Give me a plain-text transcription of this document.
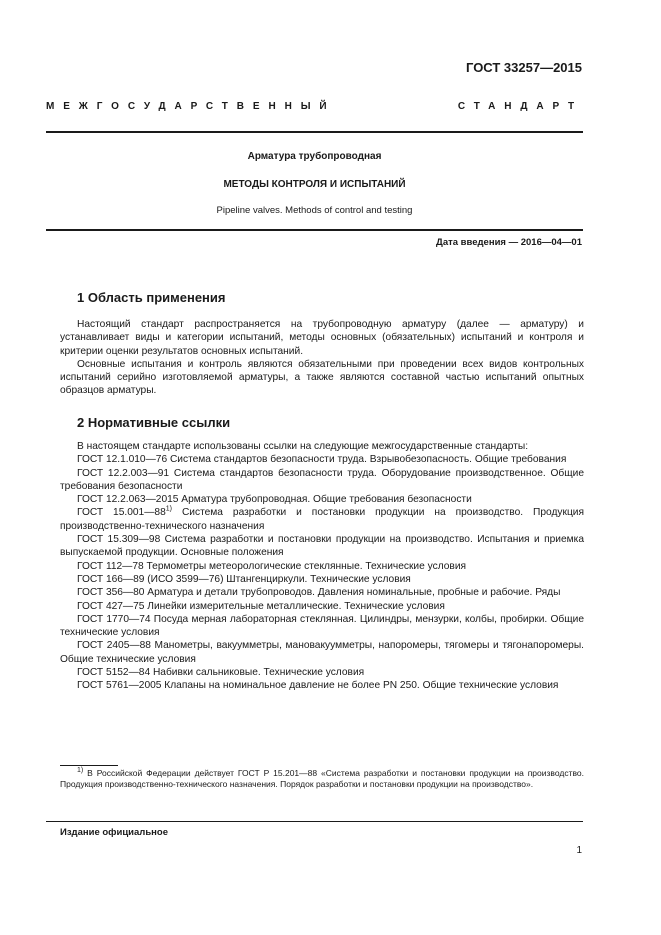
ГОСТ 33257—2015
МЕЖГОСУДАРСТВЕННЫЙ	СТАНДАРТ
Арматура трубопроводная
МЕТОДЫ КОНТРОЛЯ И ИСПЫТАНИЙ
Pipeline valves. Methods of control and testing
Дата введения — 2016—04—01
1 Область применения

Настоящий стандарт распространяется на трубопроводную арматуру (далее — арматуру) и устанавливает виды и категории испытаний, методы основных (обязательных) испытаний и контроля и критерии оценки результатов основных испытаний.

Основные испытания и контроль являются обязательными при проведении всех видов контрольных испытаний серийно изготовляемой арматуры, а также являются составной частью испытаний опытных образцов арматуры.

2 Нормативные ссылки

В настоящем стандарте использованы ссылки на следующие межгосударственные стандарты:

ГОСТ 12.1.010—76 Система стандартов безопасности труда. Взрывобезопасность. Общие требования

ГОСТ 12.2.003—91 Система стандартов безопасности труда. Оборудование производственное. Общие требования безопасности

ГОСТ 12.2.063—2015 Арматура трубопроводная. Общие требования безопасности

ГОСТ 15.001—88$^{1)}$ Система разработки и постановки продукции на производство. Продукция производственно-технического назначения

ГОСТ 15.309—98 Система разработки и постановки продукции на производство. Испытания и приемка выпускаемой продукции. Основные положения

ГОСТ 112—78 Термометры метеорологические стеклянные. Технические условия

ГОСТ 166—89 (ИСО 3599—76) Штангенциркули. Технические условия

ГОСТ 356—80 Арматура и детали трубопроводов. Давления номинальные, пробные и рабочие. Ряды

ГОСТ 427—75 Линейки измерительные металлические. Технические условия

ГОСТ 1770—74 Посуда мерная лабораторная стеклянная. Цилиндры, мензурки, колбы, пробирки. Общие технические условия

ГОСТ 2405—88 Манометры, вакуумметры, мановакуумметры, напоромеры, тягомеры и тягонапоромеры. Общие технические условия

ГОСТ 5152—84 Набивки сальниковые. Технические условия

ГОСТ 5761—2005 Клапаны на номинальное давление не более PN 250. Общие технические условия

$^{1)}$ В Российской Федерации действует ГОСТ Р 15.201—88 «Система разработки и постановки продукции на производство. Продукция производственно-технического назначения. Порядок разработки и постановки продукции на производство».

Издание официальное
1
